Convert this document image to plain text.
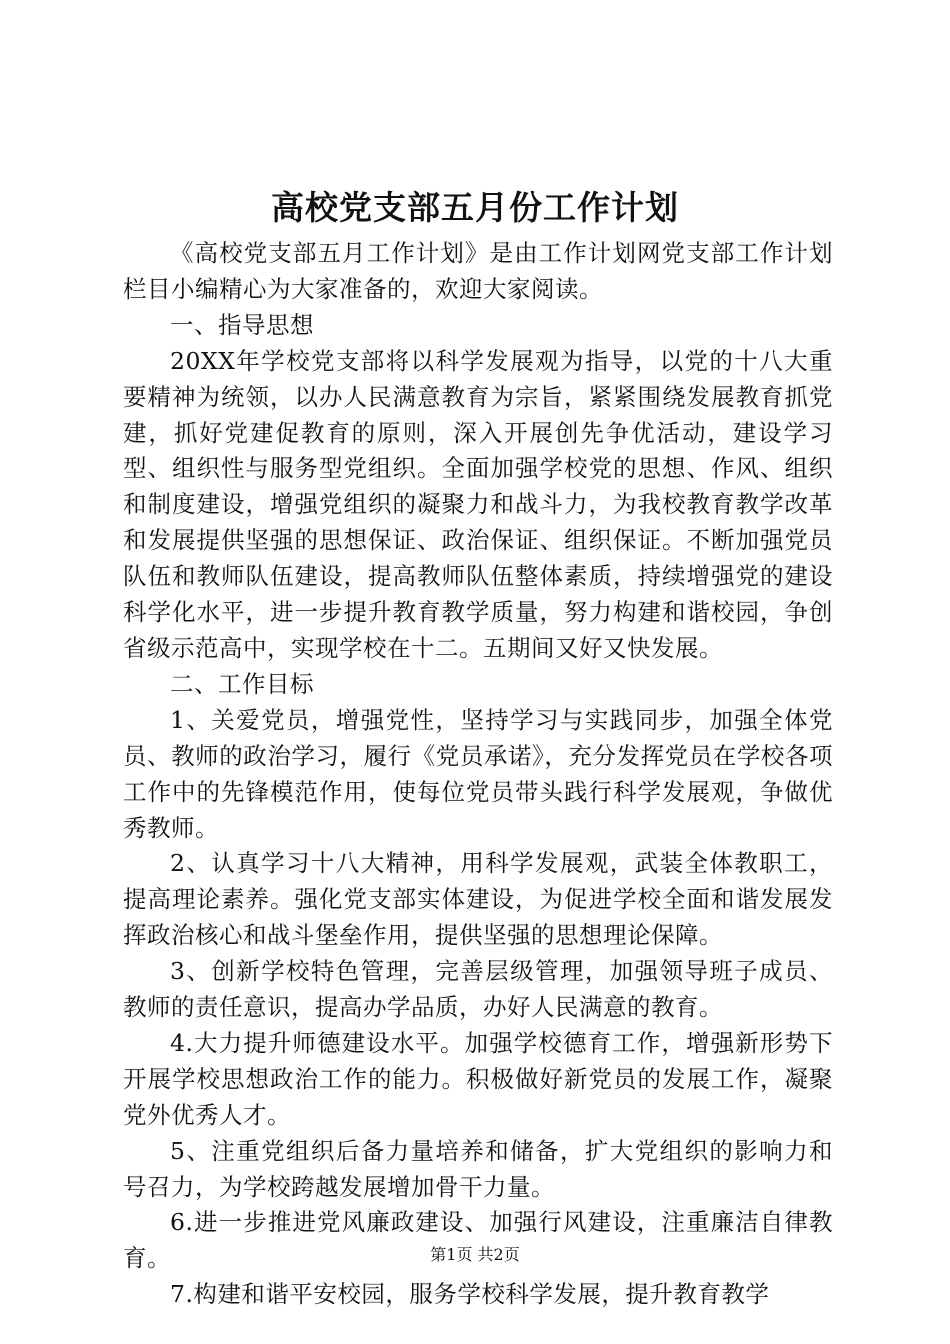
高校党支部五月份工作计划

《高校党支部五月工作计划》是由工作计划网党支部工作计划栏目小编精心为大家准备的，欢迎大家阅读。

一、指导思想

20XX年学校党支部将以科学发展观为指导，以党的十八大重要精神为统领，以办人民满意教育为宗旨，紧紧围绕发展教育抓党建，抓好党建促教育的原则，深入开展创先争优活动，建设学习型、组织性与服务型党组织。全面加强学校党的思想、作风、组织和制度建设，增强党组织的凝聚力和战斗力，为我校教育教学改革和发展提供坚强的思想保证、政治保证、组织保证。不断加强党员队伍和教师队伍建设，提高教师队伍整体素质，持续增强党的建设科学化水平，进一步提升教育教学质量，努力构建和谐校园，争创省级示范高中，实现学校在十二。五期间又好又快发展。

二、工作目标

1、关爱党员，增强党性，坚持学习与实践同步，加强全体党员、教师的政治学习，履行《党员承诺》，充分发挥党员在学校各项工作中的先锋模范作用，使每位党员带头践行科学发展观，争做优秀教师。

2、认真学习十八大精神，用科学发展观，武装全体教职工，提高理论素养。强化党支部实体建设，为促进学校全面和谐发展发挥政治核心和战斗堡垒作用，提供坚强的思想理论保障。

3、创新学校特色管理，完善层级管理，加强领导班子成员、教师的责任意识，提高办学品质，办好人民满意的教育。

4.大力提升师德建设水平。加强学校德育工作，增强新形势下开展学校思想政治工作的能力。积极做好新党员的发展工作，凝聚党外优秀人才。

5、注重党组织后备力量培养和储备，扩大党组织的影响力和号召力，为学校跨越发展增加骨干力量。

6.进一步推进党风廉政建设、加强行风建设，注重廉洁自律教育。

7.构建和谐平安校园，服务学校科学发展，提升教育教学

第1页 共2页
